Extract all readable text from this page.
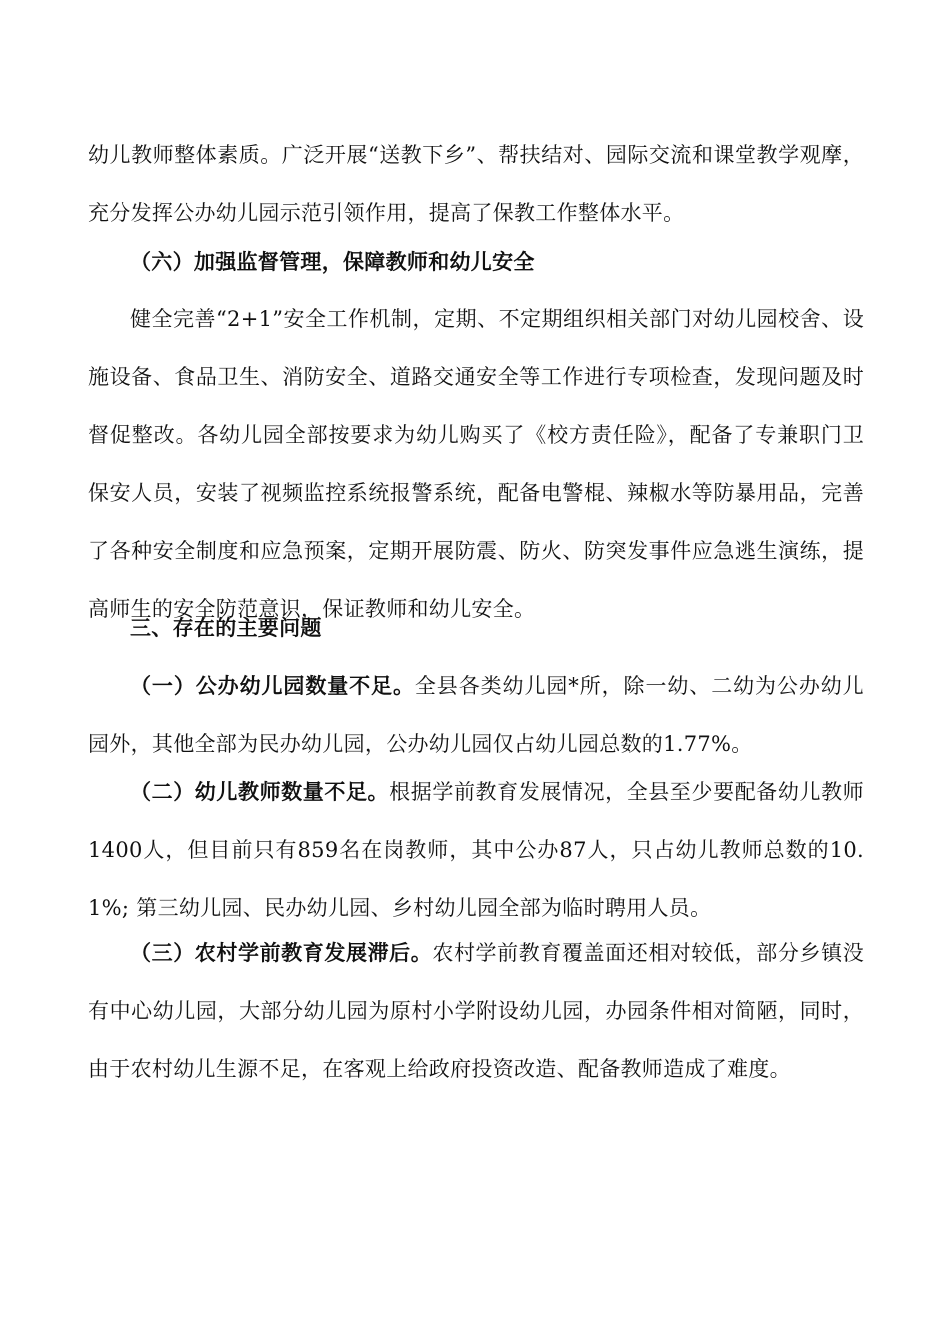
幼儿教师整体素质。广泛开展“送教下乡”、帮扶结对、园际交流和课堂教学观摩，充分发挥公办幼儿园示范引领作用，提高了保教工作整体水平。

（六）加强监督管理，保障教师和幼儿安全

健全完善“2+1”安全工作机制，定期、不定期组织相关部门对幼儿园校舍、设施设备、食品卫生、消防安全、道路交通安全等工作进行专项检查，发现问题及时督促整改。各幼儿园全部按要求为幼儿购买了《校方责任险》，配备了专兼职门卫保安人员，安装了视频监控系统报警系统，配备电警棍、辣椒水等防暴用品，完善了各种安全制度和应急预案，定期开展防震、防火、防突发事件应急逃生演练，提高师生的安全防范意识，保证教师和幼儿安全。

三、存在的主要问题

（一）公办幼儿园数量不足。全县各类幼儿园*所，除一幼、二幼为公办幼儿园外，其他全部为民办幼儿园，公办幼儿园仅占幼儿园总数的1.77%。

（二）幼儿教师数量不足。根据学前教育发展情况，全县至少要配备幼儿教师1400人，但目前只有859名在岗教师，其中公办87人，只占幼儿教师总数的10.1%; 第三幼儿园、民办幼儿园、乡村幼儿园全部为临时聘用人员。

（三）农村学前教育发展滞后。农村学前教育覆盖面还相对较低，部分乡镇没有中心幼儿园，大部分幼儿园为原村小学附设幼儿园，办园条件相对简陋，同时，由于农村幼儿生源不足，在客观上给政府投资改造、配备教师造成了难度。
